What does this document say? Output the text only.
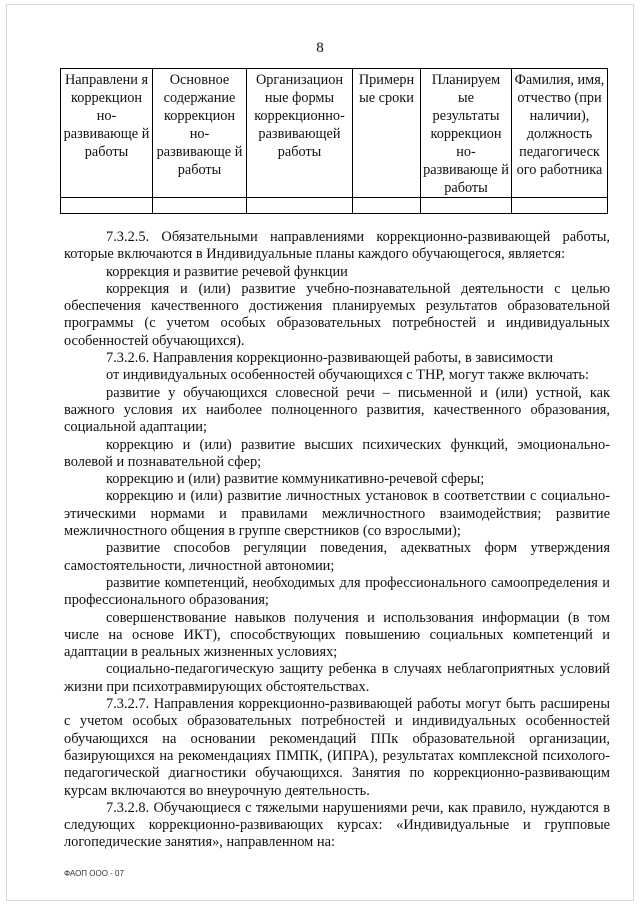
8
Направлени я коррекцион но-развивающе й работы	Основное содержание коррекцион но-развивающе й работы	Организацион ные формы коррекционно-развивающей работы	Примерн ые сроки	Планируем ые результаты коррекцион но-развивающе й работы	Фамилия, имя, отчество (при наличии), должность педагогическ ого работника

7.3.2.5. Обязательными направлениями коррекционно-развивающей работы, которые включаются в Индивидуальные планы каждого обучающегося, является:

коррекция и развитие речевой функции

коррекция и (или) развитие учебно-познавательной деятельности с целью обеспечения качественного достижения планируемых результатов образовательной программы (с учетом особых образовательных потребностей и индивидуальных особенностей обучающихся).

7.3.2.6. Направления коррекционно-развивающей работы, в зависимости

от индивидуальных особенностей обучающихся с ТНР, могут также включать:

развитие у обучающихся словесной речи – письменной и (или) устной, как важного условия их наиболее полноценного развития, качественного образования, социальной адаптации;

коррекцию и (или) развитие высших психических функций, эмоционально-волевой и познавательной сфер;

коррекцию и (или) развитие коммуникативно-речевой сферы;

коррекцию и (или) развитие личностных установок в соответствии с социально-этическими нормами и правилами межличностного взаимодействия; развитие межличностного общения в группе сверстников (со взрослыми);

развитие способов регуляции поведения, адекватных форм утверждения самостоятельности, личностной автономии;

развитие компетенций, необходимых для профессионального самоопределения и профессионального образования;

совершенствование навыков получения и использования информации (в том числе на основе ИКТ), способствующих повышению социальных компетенций и адаптации в реальных жизненных условиях;

социально-педагогическую защиту ребенка в случаях неблагоприятных условий жизни при психотравмирующих обстоятельствах.

7.3.2.7. Направления коррекционно-развивающей работы могут быть расширены с учетом особых образовательных потребностей и индивидуальных особенностей обучающихся на основании рекомендаций ППк образовательной организации, базирующихся на рекомендациях ПМПК, (ИПРА), результатах комплексной психолого-педагогической диагностики обучающихся. Занятия по коррекционно-развивающим курсам включаются во внеурочную деятельность.

7.3.2.8. Обучающиеся с тяжелыми нарушениями речи, как правило, нуждаются в следующих коррекционно-развивающих курсах: «Индивидуальные и групповые логопедические занятия», направленном на:

ФАОП ООО - 07
